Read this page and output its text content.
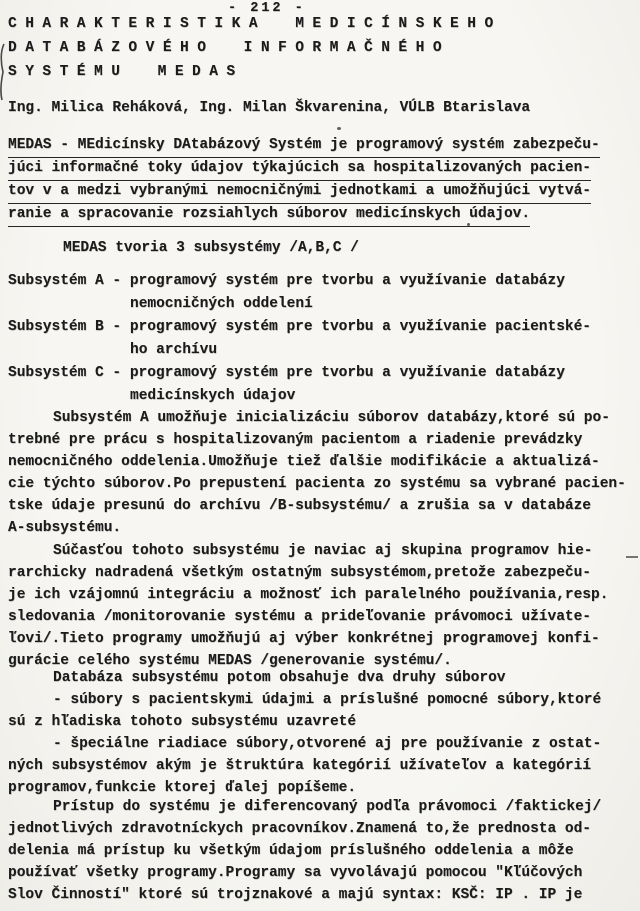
- 212 -
CHARAKTERISTIKA MEDICÍNSKEHO
DATABÁZOVÉHO INFORMAČNÉHO
SYSTÉMU MEDAS
Ing. Milica Reháková, Ing. Milan Škvarenina, VÚLB Btarislava
MEDAS - MEdicínsky DAtabázový Systém je programový systém zabezpeču-
júci informačné toky údajov týkajúcich sa hospitalizovaných pacien-
tov v a medzi vybranými nemocničnými jednotkami a umožňujúci vytvá-
ranie a spracovanie rozsiahlych súborov medicínskych údajov.
MEDAS tvoria 3 subsystémy /A,B,C /
Subsystém A - programový systém pre tvorbu a využívanie databázy
nemocničných oddelení
Subsystém B - programový systém pre tvorbu a využívanie pacientské-
ho archívu
Subsystém C - programový systém pre tvorbu a využívanie databázy
medicínskych údajov
Subsystém A umožňuje inicializáciu súborov databázy,ktoré sú po-
trebné pre prácu s hospitalizovaným pacientom a riadenie prevádzky
nemocničného oddelenia.Umožňuje tiež ďalšie modifikácie a aktualizá-
cie týchto súborov.Po prepustení pacienta zo systému sa vybrané pacien-
tske údaje presunú do archívu /B-subsystému/ a zrušia sa v databáze
A-subsystému.
Súčasťou tohoto subsystému je naviac aj skupina programov hie-
rarchicky nadradená všetkým ostatným subsystémom,pretože zabezpeču-
je ich vzájomnú integráciu a možnosť ich paralelného používania,resp.
sledovania /monitorovanie systému a prideľovanie právomoci užívate-
ľovi/.Tieto programy umožňujú aj výber konkrétnej programovej konfi-
gurácie celého systému MEDAS /generovanie systému/.
Databáza subsystému potom obsahuje dva druhy súborov
- súbory s pacientskymi údajmi a príslušné pomocné súbory,ktoré
sú z hľadiska tohoto subsystému uzavreté
- špeciálne riadiace súbory,otvorené aj pre používanie z ostat-
ných subsystémov akým je štruktúra kategórií užívateľov a kategórií
programov,funkcie ktorej ďalej popíšeme.
Prístup do systému je diferencovaný podľa právomoci /faktickej/
jednotlivých zdravotníckych pracovníkov.Znamená to,že prednosta od-
delenia má prístup ku všetkým údajom príslušného oddelenia a môže
používať všetky programy.Programy sa vyvolávajú pomocou "Kľúčových
Slov Činností" ktoré sú trojznakové a majú syntax: KSČ: IP . IP je
